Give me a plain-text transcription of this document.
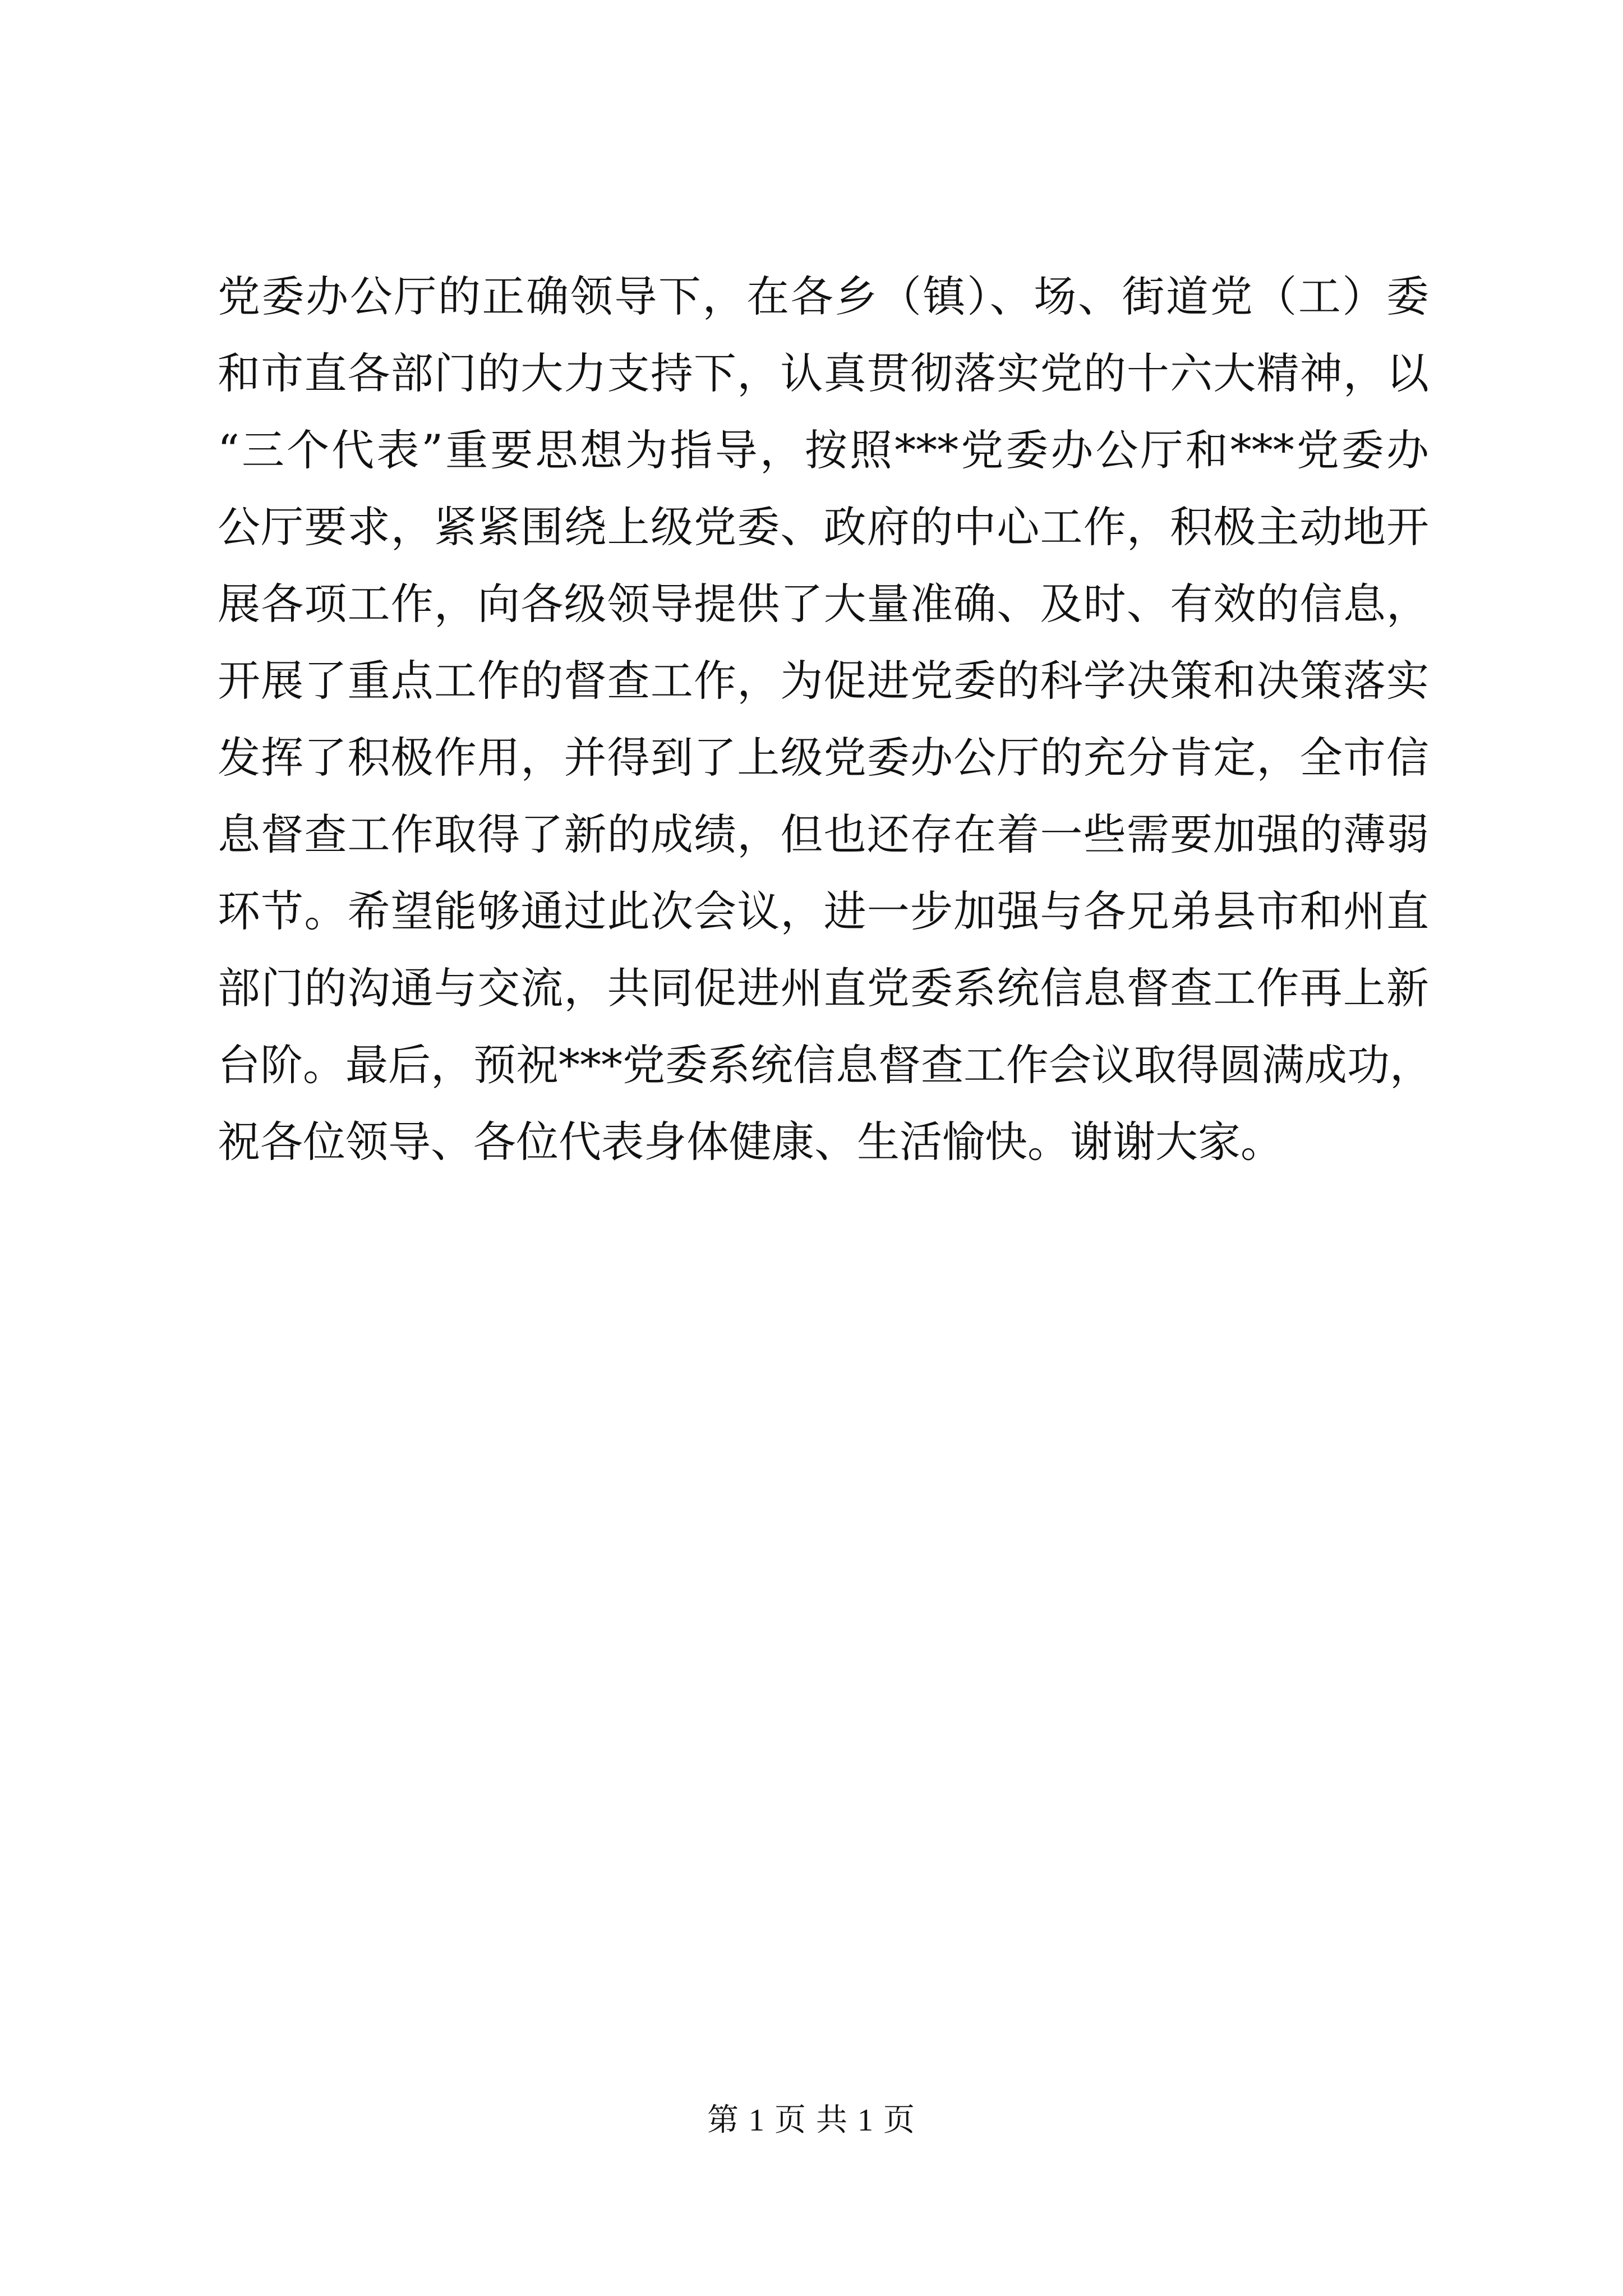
党委办公厅的正确领导下，在各乡（镇）、场、街道党（工）委
和市直各部门的大力支持下，认真贯彻落实党的十六大精神，以
“三个代表”重要思想为指导，按照***党委办公厅和***党委办
公厅要求，紧紧围绕上级党委、政府的中心工作，积极主动地开
展各项工作，向各级领导提供了大量准确、及时、有效的信息，
开展了重点工作的督查工作，为促进党委的科学决策和决策落实
发挥了积极作用，并得到了上级党委办公厅的充分肯定，全市信
息督查工作取得了新的成绩，但也还存在着一些需要加强的薄弱
环节。希望能够通过此次会议，进一步加强与各兄弟县市和州直
部门的沟通与交流，共同促进州直党委系统信息督查工作再上新
台阶。最后，预祝***党委系统信息督查工作会议取得圆满成功，
祝各位领导、各位代表身体健康、生活愉快。谢谢大家。
第 1 页 共 1 页
